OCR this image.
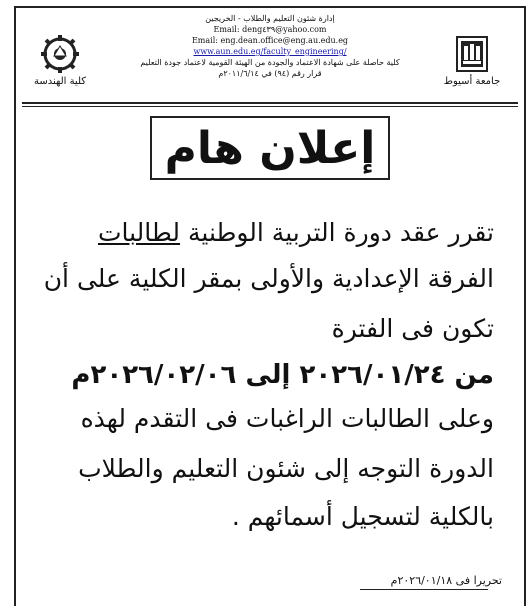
كلية الهندسة
إدارة شئون التعليم والطلاب - الخريجين
Email: deng٤٣٩@yahoo.com
Email: eng.dean.office@eng.au.edu.eg
www.aun.edu.eg/faculty_engineering/
كلية حاصلة على شهادة الاعتماد والجودة من الهيئة القومية لاعتماد جودة التعليم
قرار رقم (٩٤) في ٢٠١١/٦/١٤م
جامعة أسيوط
إعلان هام
تقرر عقد دورة التربية الوطنية لطالبات
الفرقة الإعدادية والأولى بمقر الكلية على أن
تكون فى الفترة
من ٢٠٢٦/٠١/٢٤ إلى ٢٠٢٦/٠٢/٠٦م
وعلى الطالبات الراغبات فى التقدم لهذه
الدورة التوجه إلى شئون التعليم والطلاب
بالكلية لتسجيل أسمائهم .
تحريرا فى ٢٠٢٦/٠١/١٨م
